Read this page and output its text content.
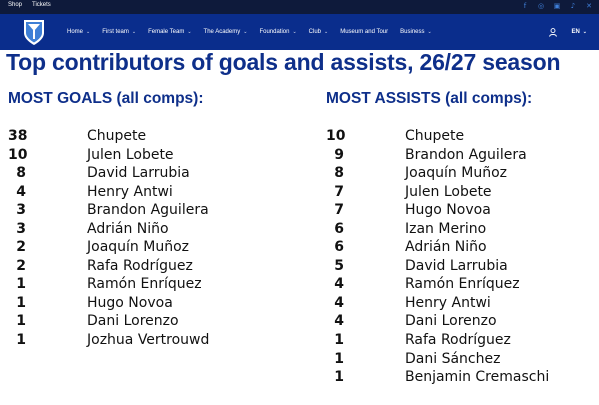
Shop Tickets	f	◎ ▣ ♪ ✕
Home ⌄ First team ⌄ Female Team ⌄ The Academy ⌄ Foundation ⌄ Club ⌄ Museum and Tour Business ⌄	EN ⌄
Top contributors of goals and assists, 26/27 season
MOST GOALS (all comps):	MOST ASSISTS (all comps):
38	Chupete
10	Julen Lobete
8	David Larrubia
4	Henry Antwi
3	Brandon Aguilera
3	Adrián Niño
2	Joaquín Muñoz
2	Rafa Rodríguez
1	Ramón Enríquez
1	Hugo Novoa
1	Dani Lorenzo
1	Jozhua Vertrouwd
10	Chupete
9	Brandon Aguilera
8	Joaquín Muñoz
7	Julen Lobete
7	Hugo Novoa
6	Izan Merino
6	Adrián Niño
5	David Larrubia
4	Ramón Enríquez
4	Henry Antwi
4	Dani Lorenzo
1	Rafa Rodríguez
1	Dani Sánchez
1	Benjamin Cremaschi
